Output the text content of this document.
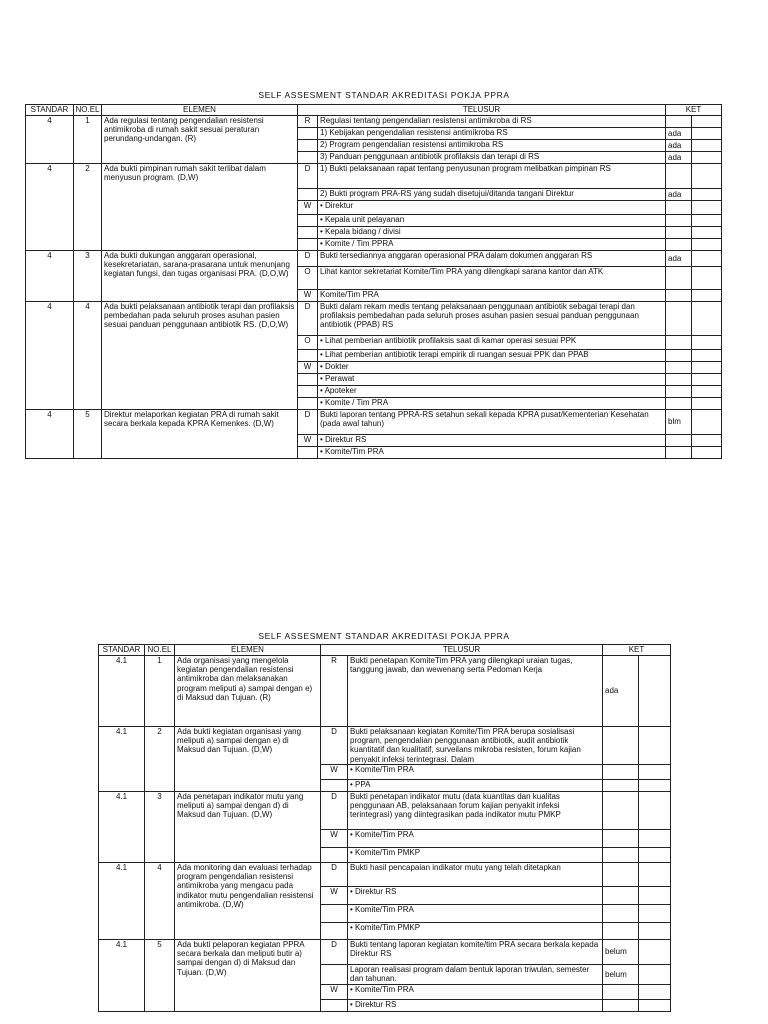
SELF ASSESMENT STANDAR AKREDITASI POKJA PPRA
STANDAR	NO.EL	ELEMEN	TELUSUR		KET	
4	1	Ada regulasi tentang pengendalian resistensi antimikroba di rumah sakit sesuai peraturan perundang-undangan. (R)	R	Regulasi tentang pengendalian resistensi antimikroba di RS		

				1) Kebijakan pengendalian resistensi antimikroba RS	ada	

				2) Program pengendalian resistensi antimikroba RS	ada	

				3) Panduan penggunaan antibiotik profilaksis dan terapi di RS	ada	
4	2	Ada bukti pimpinan rumah sakit terlibat dalam menyusun program. (D,W)	D	1) Bukti pelaksanaan rapat tentang penyusunan program melibatkan pimpinan RS		

				2) Bukti program PRA-RS yang sudah disetujui/ditanda tangani Direktur	ada	
			W	• Direktur		

				• Kepala unit pelayanan		

				• Kepala bidang / divisi		

				• Komite / Tim PPRA		

4	3	Ada bukti dukungan anggaran operasional, kesekretariatan, sarana-prasarana untuk menunjang kegiatan fungsi, dan tugas organisasi PRA. (D,O,W)	D	Bukti tersediannya anggaran operasional PRA dalam dokumen anggaran RS	ada	
			O	Lihat kantor sekretariat Komite/Tim PRA yang dilengkapi sarana kantor dan ATK		

			W	Komite/Tim PRA		

4	4	Ada bukti pelaksanaan antibiotik terapi dan profilaksis pembedahan pada seluruh proses asuhan pasien sesuai panduan penggunaan antibiotik RS. (D,O,W)	D	Bukti dalam rekam medis tentang pelaksanaan penggunaan antibiotik sebagai terapi dan profilaksis pembedahan pada seluruh proses asuhan pasien sesuai panduan penggunaan antibiotik (PPAB) RS		

			O	• Lihat pemberian antibiotik profilaksis saat di kamar operasi sesuai PPK		

				• Lihat pemberian antibiotik terapi empirik di ruangan sesuai PPK dan PPAB		

			W	• Dokter		

				• Perawat		

				• Apoteker		

				• Komite / Tim PRA		

4	5	Direktur melaporkan kegiatan PRA di rumah sakit secara berkala kepada KPRA Kemenkes. (D,W)	D	Bukti laporan tentang PPRA-RS setahun sekali kepada KPRA pusat/Kementerian Kesehatan (pada awal tahun)	blm	
			W	• Direktur RS		

				• Komite/Tim PRA		

SELF ASSESMENT STANDAR AKREDITASI POKJA PPRA
STANDAR	NO.EL	ELEMEN	TELUSUR		KET	
4.1	1	Ada organisasi yang mengelola kegiatan pengendalian resistensi antimikroba dan melaksanakan program meliputi a) sampai dengan e) di Maksud dan Tujuan. (R)	R	Bukti penetapan KomiteTim PRA yang dilengkapi uraian tugas, tanggung jawab, dan wewenang serta Pedoman Kerja	ada	
4.1	2	Ada bukti kegiatan organisasi yang meliputi a) sampai dengan e) di Maksud dan Tujuan. (D,W)	D	Bukti pelaksanaan kegiatan Komite/Tim PRA berupa sosialisasi program, pengendalian penggunaan antibiotik, audit antibiotik kuantitatif dan kualitatif, surveilans mikroba resisten, forum kajian penyakit infeksi terintegrasi. Dalam		

			W	• Komite/Tim PRA		

				• PPA		

4.1	3	Ada penetapan indikator mutu yang meliputi a) sampai dengan d) di Maksud dan Tujuan. (D,W)	D	Bukti penetapan indikator mutu (data kuantitas dan kualitas penggunaan AB, pelaksanaan forum kajian penyakit infeksi terintegrasi) yang diintegrasikan pada indikator mutu PMKP		

			W	• Komite/Tim PRA		

				• Komite/Tim PMKP		

4.1	4	Ada monitoring dan evaluasi terhadap program pengendalian resistensi antimikroba yang mengacu pada indikator mutu pengendalian resistensi antimikroba. (D,W)	D	Bukti hasil pencapaian indikator mutu yang telah ditetapkan		

			W	• Direktur RS		

				• Komite/Tim PRA		

				• Komite/Tim PMKP		

4.1	5	Ada bukti pelaporan kegiatan PPRA secara berkala dan meliputi butir a) sampai dengan d) di Maksud dan Tujuan. (D,W)	D	Bukti tentang laporan kegiatan komite/tim PRA secara berkala kepada Direktur RS	belum	

				Laporan realisasi program dalam bentuk laporan triwulan, semester dan tahunan.	belum	
			W	• Komite/Tim PRA		

				• Direktur RS		
